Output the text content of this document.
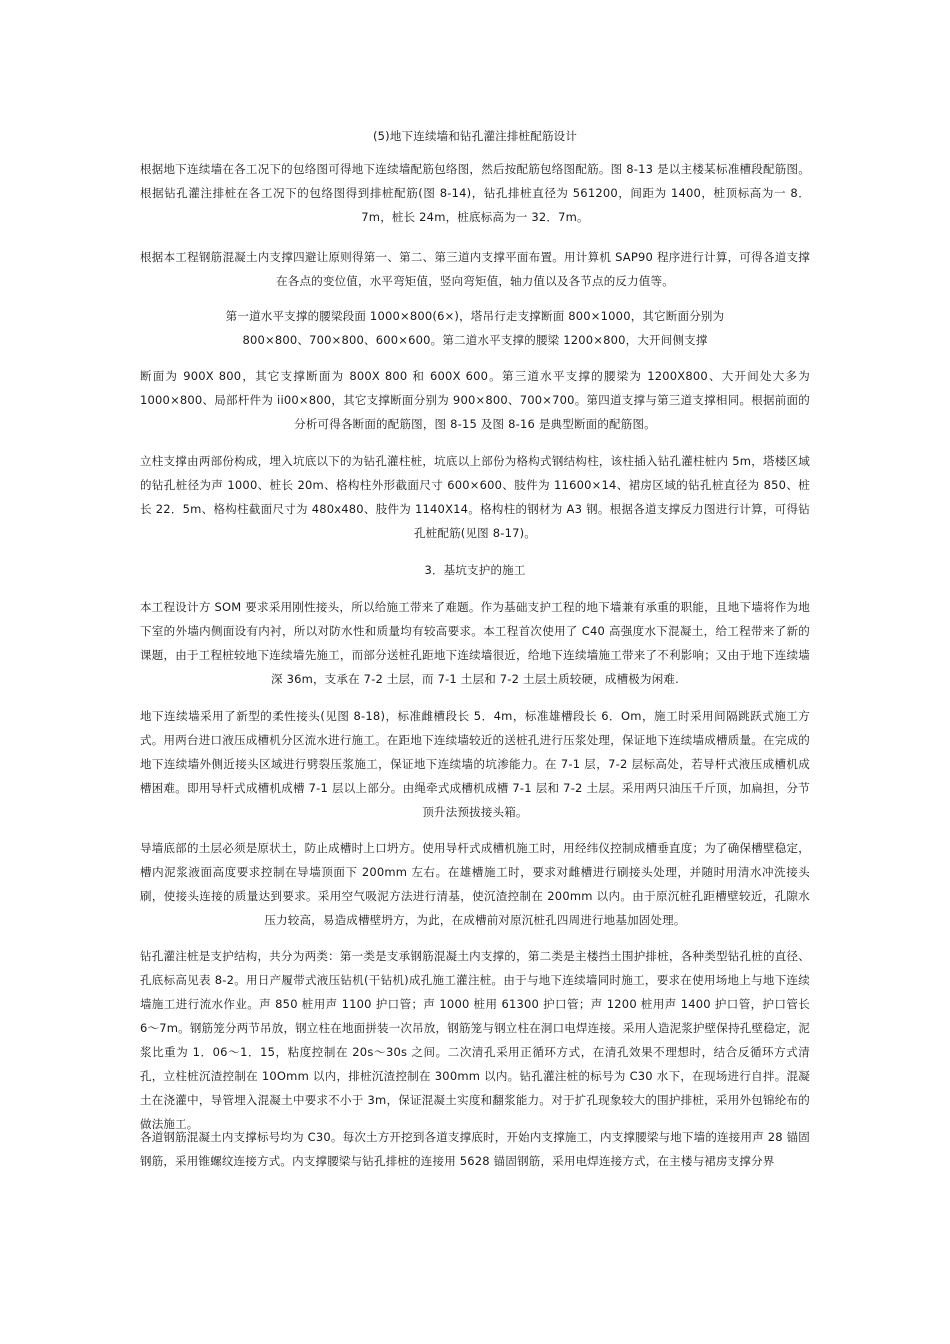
(5)地下连续墙和钻孔灌注排桩配筋设计

根据地下连续墙在各工况下的包络图可得地下连续墙配筋包络图，然后按配筋包络图配筋。图 8-13 是以主楼某标准槽段配筋图。根据钻孔灌注排桩在各工况下的包络图得到排桩配筋(图 8-14)，钻孔排桩直径为 561200，间距为 1400，桩顶标高为一 8．7m，桩长 24m，桩底标高为一 32．7m。

根据本工程钢筋混凝土内支撑四避让原则得第一、第二、第三道内支撑平面布置。用计算机 SAP90 程序进行计算，可得各道支撑在各点的变位值，水平弯矩值，竖向弯矩值，轴力值以及各节点的反力值等。

第一道水平支撑的腰梁段面 1000×800(6×)，塔吊行走支撑断面 800×1000，其它断面分别为

800×800、700×800、600×600。第二道水平支撑的腰梁 1200×800，大开间侧支撑

断面为 900X 800，其它支撑断面为 800X 800 和 600X 600。第三道水平支撑的腰梁为 1200X800、大开间处大多为 1000×800、局部杆件为 ii00×800，其它支撑断面分别为 900×800、700×700。第四道支撑与第三道支撑相同。根据前面的分析可得各断面的配筋图，图 8-15 及图 8-16 是典型断面的配筋图。

立柱支撑由两部份构成，埋入坑底以下的为钻孔灌柱桩，坑底以上部份为格构式钢结构柱，该柱插入钻孔灌柱桩内 5m，塔楼区域的钻孔桩径为声 1000、桩长 20m、格构柱外形截面尺寸 600×600、肢件为 11600×14、裙房区域的钻孔桩直径为 850、桩长 22．5m、格构柱截面尺寸为 480x480、肢件为 1140X14。格构柱的钢材为 A3 钢。根据各道支撑反力图进行计算，可得钻孔桩配筋(见图 8-17)。

3．基坑支护的施工

本工程设计方 SOM 要求采用刚性接头，所以给施工带来了难题。作为基础支护工程的地下墙兼有承重的职能，且地下墙将作为地下室的外墙内侧面设有内衬，所以对防水性和质量均有较高要求。本工程首次使用了 C40 高强度水下混凝土，给工程带来了新的课题，由于工程桩较地下连续墙先施工，而部分送桩孔距地下连续墙很近，给地下连续墙施工带来了不利影响；又由于地下连续墙深 36m，支承在 7-2 土层，而 7-1 土层和 7-2 土层土质较硬，成槽极为闲难.

地下连续墙采用了新型的柔性接头(见图 8-18)，标准雌槽段长 5．4m，标准雄槽段长 6．Om，施工时采用间隔跳跃式施工方式。用两台进口液压成槽机分区流水进行施工。在距地下连续墙较近的送桩孔进行压浆处理，保证地下连续墙成槽质量。在完成的地下连续墙外侧近接头区域进行劈裂压浆施工，保证地下连续墙的坑渗能力。在 7-1 层，7-2 层标高处，若导杆式液压成槽机成槽困难。即用导杆式成槽机成槽 7-1 层以上部分。由绳牵式成槽机成槽 7-1 层和 7-2 土层。采用两只油压千斤顶，加扁担，分节顶升法预拔接头箱。

导墙底部的土层必须是原状土，防止成槽时上口坍方。使用导杆式成槽机施工时，用经纬仪控制成槽垂直度；为了确保槽壁稳定，槽内泥浆液面高度要求控制在导墙顶面下 200mm 左右。在雄槽施工时，要求对雌槽进行刷接头处理，并随时用清水冲洗接头刷，使接头连接的质量达到要求。采用空气吸泥方法进行清基，使沉渣控制在 200mm 以内。由于原沉桩孔距槽壁较近，孔隙水压力较高，易造成槽壁坍方，为此，在成槽前对原沉桩孔四周进行地基加固处理。

钻孔灌注桩是支护结构，共分为两类：第一类是支承钢筋混凝土内支撑的，第二类是主楼挡土围护排桩，各种类型钻孔桩的直径、孔底标高见表 8-2。用日产履带式液压钻机(干钻机)成孔施工灌注桩。由于与地下连续墙同时施工，要求在使用场地上与地下连续墙施工进行流水作业。声 850 桩用声 1100 护口管；声 1000 桩用 61300 护口管；声 1200 桩用声 1400 护口管，护口管长 6～7m。钢筋笼分两节吊放，钢立柱在地面拼装一次吊放，钢筋笼与钢立柱在洞口电焊连接。采用人造泥浆护壁保持孔壁稳定，泥浆比重为 1．06～1．15，粘度控制在 20s～30s 之间。二次清孔采用正循环方式，在清孔效果不理想时，结合反循环方式清孔，立柱桩沉渣控制在 10Omm 以内，排桩沉渣控制在 300mm 以内。钻孔灌注桩的标号为 C30 水下，在现场进行自拌。混凝土在浇灌中，导管埋入混凝土中要求不小于 3m，保证混凝土实度和翻浆能力。对于扩孔现象较大的围护排桩，采用外包锦纶布的做法施工。

各道钢筋混凝土内支撑标号均为 C30。每次土方开挖到各道支撑底时，开始内支撑施工，内支撑腰梁与地下墙的连接用声 28 锚固钢筋，采用锥螺纹连接方式。内支撑腰梁与钻孔排桩的连接用 5628 锚固钢筋，采用电焊连接方式，在主楼与裙房支撑分界
